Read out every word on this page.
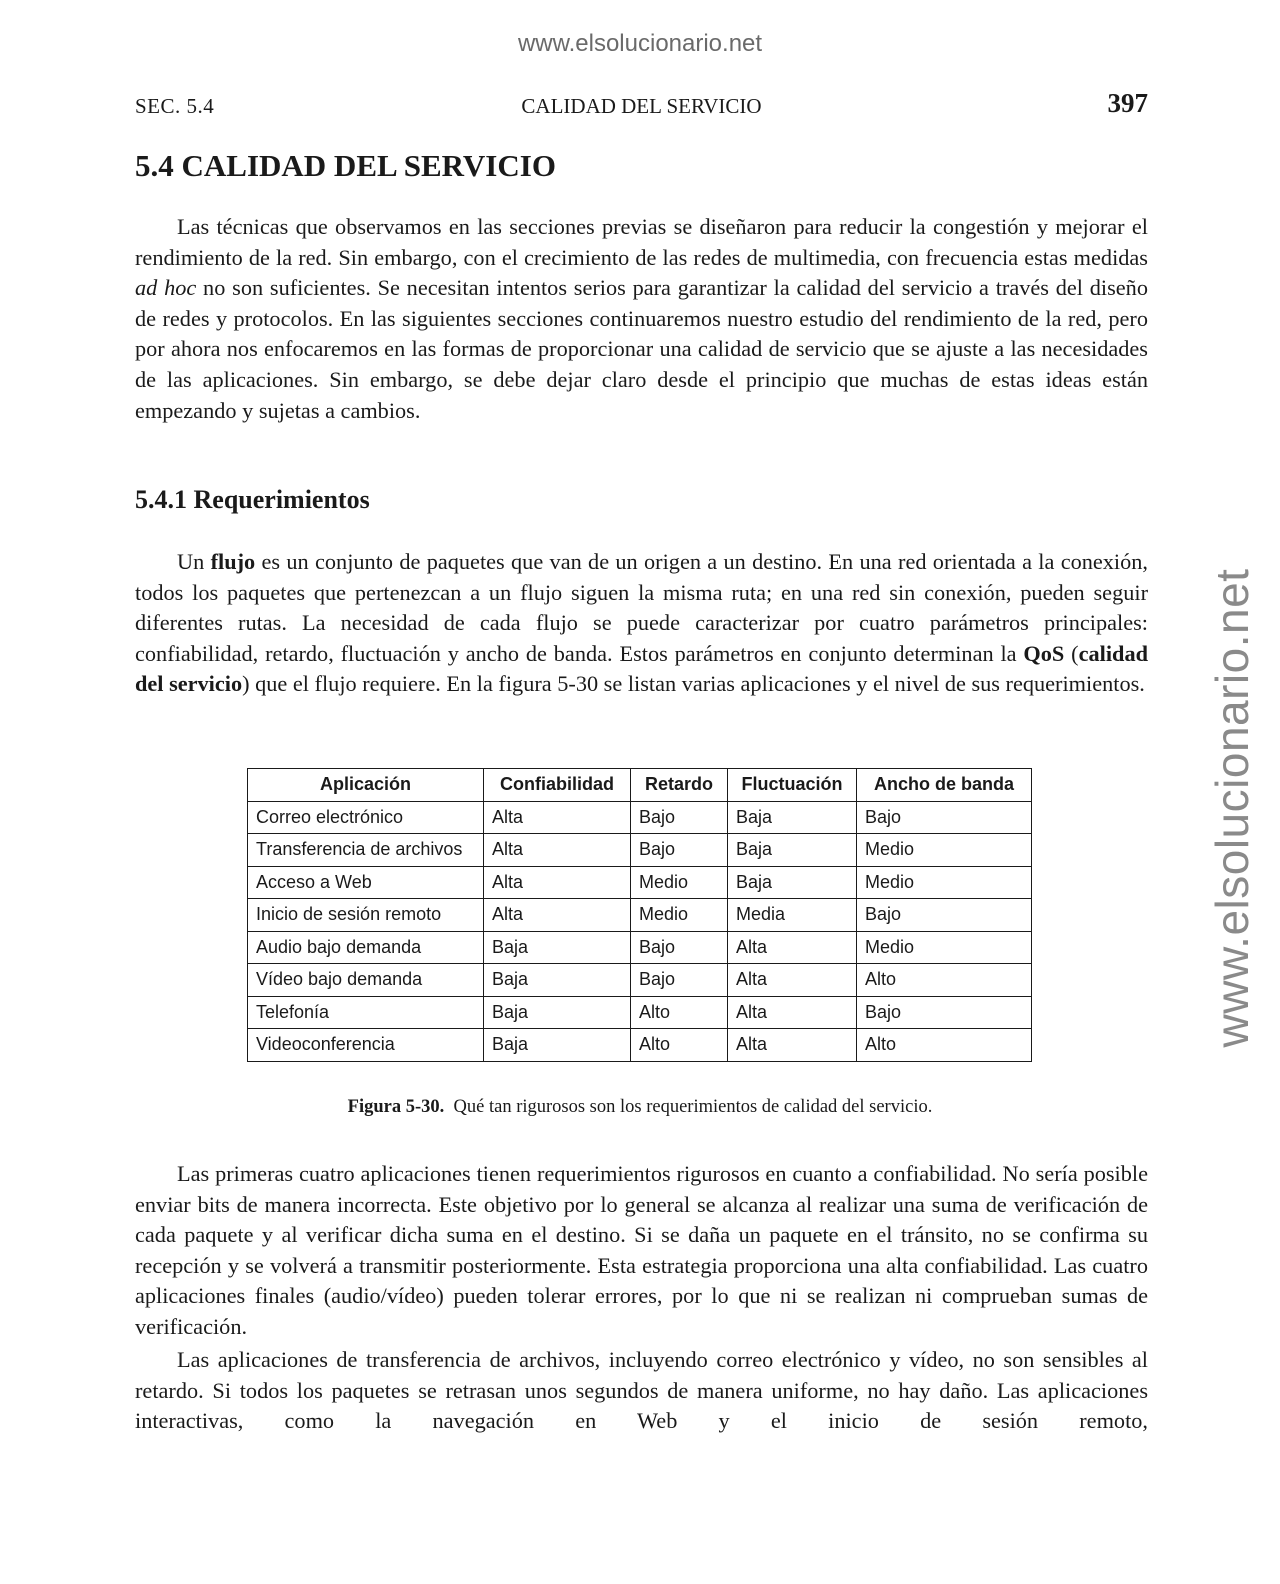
www.elsolucionario.net
www.elsolucionario.net
SEC. 5.4	CALIDAD DEL SERVICIO	397
5.4 CALIDAD DEL SERVICIO

Las técnicas que observamos en las secciones previas se diseñaron para reducir la congestión y mejorar el rendimiento de la red. Sin embargo, con el crecimiento de las redes de multimedia, con frecuencia estas medidas ad hoc no son suficientes. Se necesitan intentos serios para garantizar la calidad del servicio a través del diseño de redes y protocolos. En las siguientes secciones continuaremos nuestro estudio del rendimiento de la red, pero por ahora nos enfocaremos en las formas de proporcionar una calidad de servicio que se ajuste a las necesidades de las aplicaciones. Sin embargo, se debe dejar claro desde el principio que muchas de estas ideas están empezando y sujetas a cambios.

5.4.1 Requerimientos

Un flujo es un conjunto de paquetes que van de un origen a un destino. En una red orientada a la conexión, todos los paquetes que pertenezcan a un flujo siguen la misma ruta; en una red sin conexión, pueden seguir diferentes rutas. La necesidad de cada flujo se puede caracterizar por cuatro parámetros principales: confiabilidad, retardo, fluctuación y ancho de banda. Estos parámetros en conjunto determinan la QoS (calidad del servicio) que el flujo requiere. En la figura 5-30 se listan varias aplicaciones y el nivel de sus requerimientos.

Aplicación	Confiabilidad	Retardo	Fluctuación	Ancho de banda
Correo electrónico	Alta	Bajo	Baja	Bajo
Transferencia de archivos	Alta	Bajo	Baja	Medio
Acceso a Web	Alta	Medio	Baja	Medio
Inicio de sesión remoto	Alta	Medio	Media	Bajo
Audio bajo demanda	Baja	Bajo	Alta	Medio
Vídeo bajo demanda	Baja	Bajo	Alta	Alto
Telefonía	Baja	Alto	Alta	Bajo
Videoconferencia	Baja	Alto	Alta	Alto
Figura 5-30. Qué tan rigurosos son los requerimientos de calidad del servicio.

Las primeras cuatro aplicaciones tienen requerimientos rigurosos en cuanto a confiabilidad. No sería posible enviar bits de manera incorrecta. Este objetivo por lo general se alcanza al realizar una suma de verificación de cada paquete y al verificar dicha suma en el destino. Si se daña un paquete en el tránsito, no se confirma su recepción y se volverá a transmitir posteriormente. Esta estrategia proporciona una alta confiabilidad. Las cuatro aplicaciones finales (audio/vídeo) pueden tolerar errores, por lo que ni se realizan ni comprueban sumas de verificación.

Las aplicaciones de transferencia de archivos, incluyendo correo electrónico y vídeo, no son sensibles al retardo. Si todos los paquetes se retrasan unos segundos de manera uniforme, no hay daño. Las aplicaciones interactivas, como la navegación en Web y el inicio de sesión remoto,
